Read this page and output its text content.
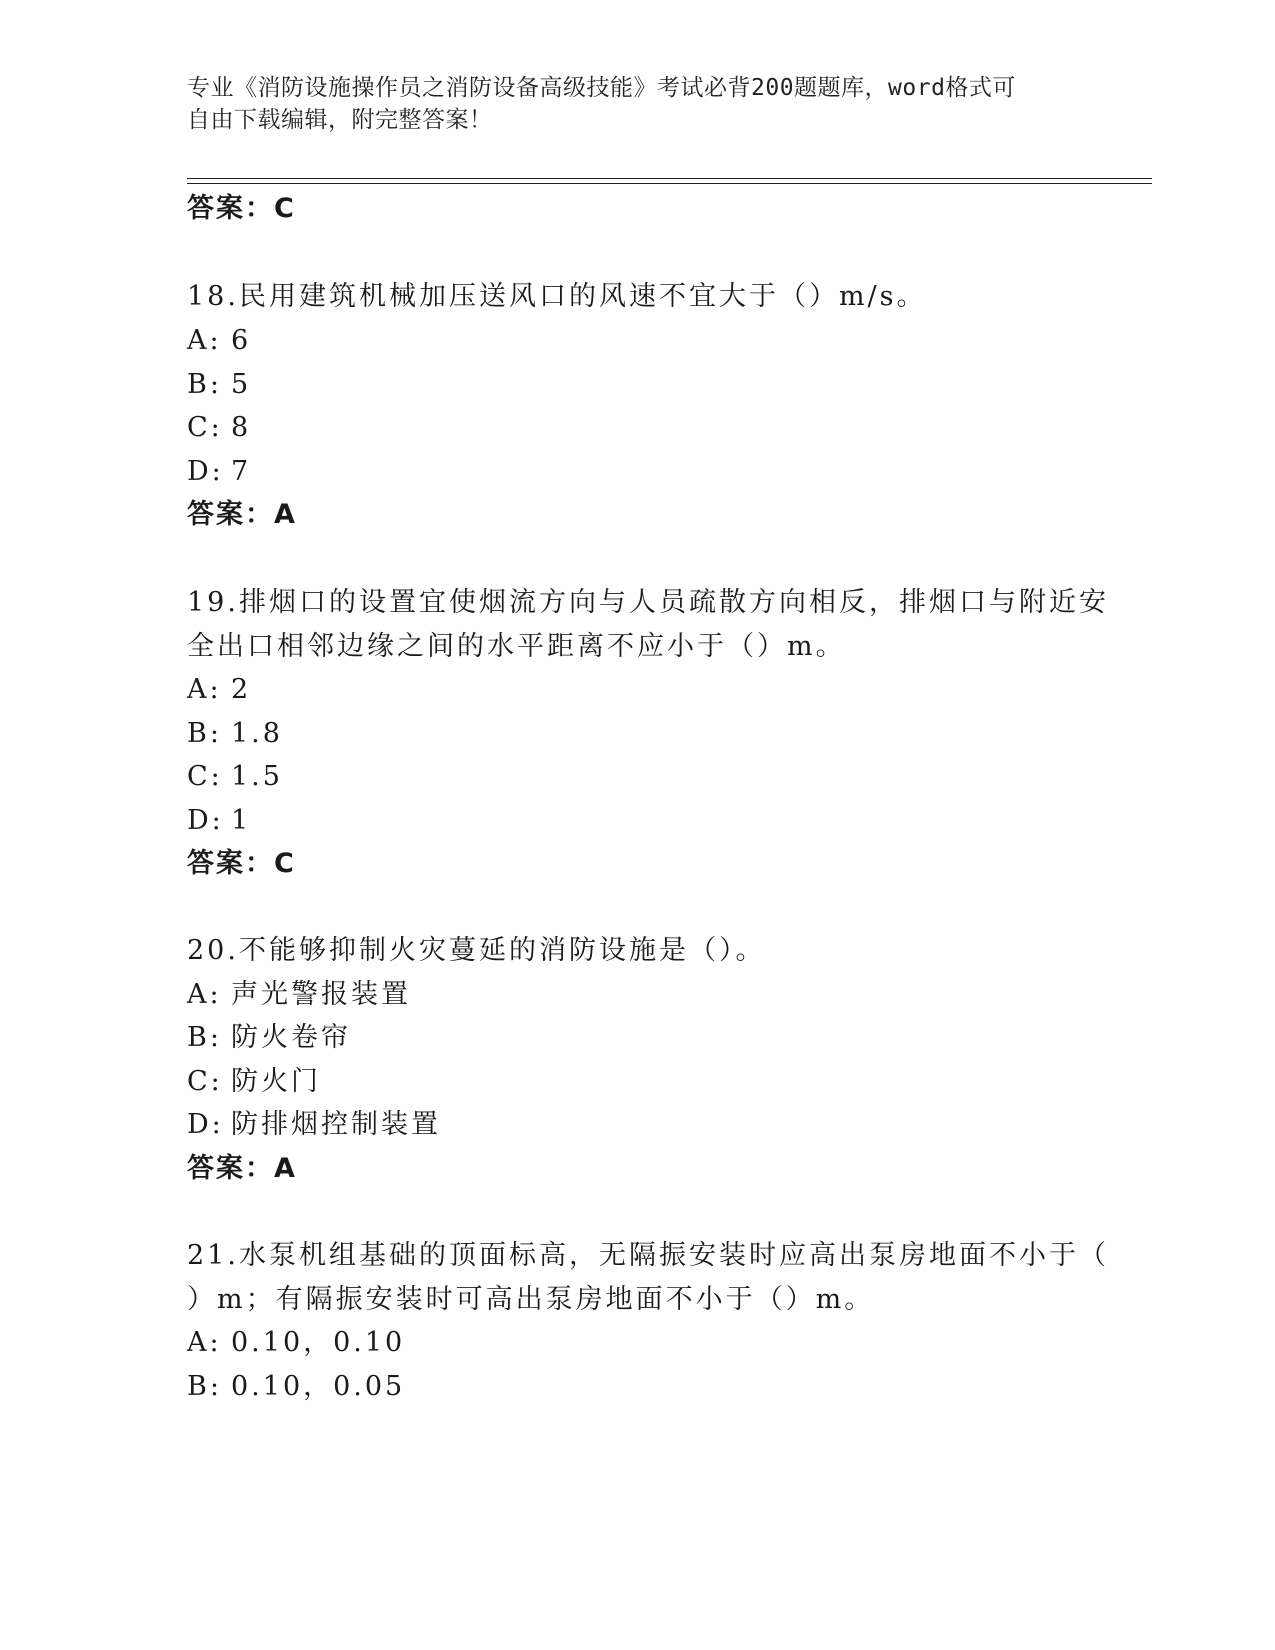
专业《消防设施操作员之消防设备高级技能》考试必背200题题库，word格式可
自由下载编辑，附完整答案！
答案：C
18.民用建筑机械加压送风口的风速不宜大于（）m/s。
A: 6
B: 5
C: 8
D: 7
答案：A
19.排烟口的设置宜使烟流方向与人员疏散方向相反，排烟口与附近安
全出口相邻边缘之间的水平距离不应小于（）m。
A: 2
B: 1.8
C: 1.5
D: 1
答案：C
20.不能够抑制火灾蔓延的消防设施是（）。
A: 声光警报装置
B: 防火卷帘
C: 防火门
D: 防排烟控制装置
答案：A
21.水泵机组基础的顶面标高，无隔振安装时应高出泵房地面不小于（
）m；有隔振安装时可高出泵房地面不小于（）m。
A: 0.10，0.10
B: 0.10，0.05
